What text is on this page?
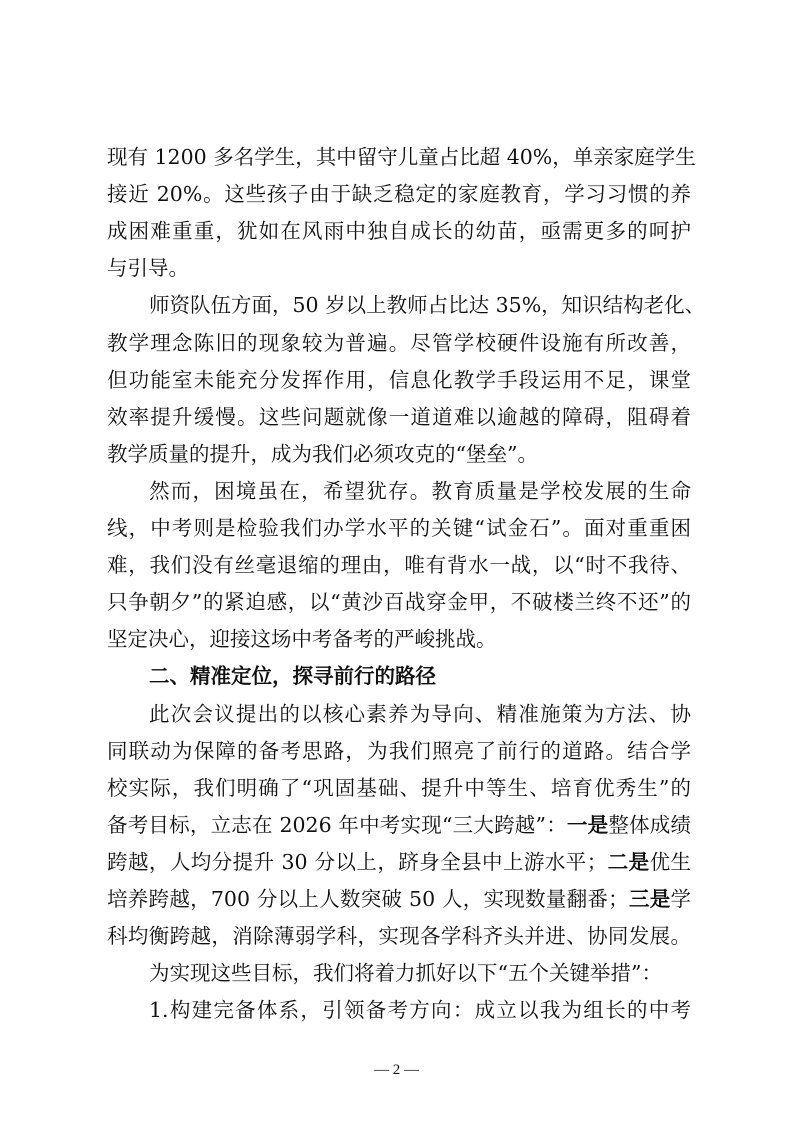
现有 1200 多名学生，其中留守儿童占比超 40%，单亲家庭学生
接近 20%。这些孩子由于缺乏稳定的家庭教育，学习习惯的养
成困难重重，犹如在风雨中独自成长的幼苗，亟需更多的呵护
与引导。
师资队伍方面，50 岁以上教师占比达 35%，知识结构老化、
教学理念陈旧的现象较为普遍。尽管学校硬件设施有所改善，
但功能室未能充分发挥作用，信息化教学手段运用不足，课堂
效率提升缓慢。这些问题就像一道道难以逾越的障碍，阻碍着
教学质量的提升，成为我们必须攻克的“堡垒”。
然而，困境虽在，希望犹存。教育质量是学校发展的生命
线，中考则是检验我们办学水平的关键“试金石”。面对重重困
难，我们没有丝毫退缩的理由，唯有背水一战，以“时不我待、
只争朝夕”的紧迫感，以“黄沙百战穿金甲，不破楼兰终不还”的
坚定决心，迎接这场中考备考的严峻挑战。
二、精准定位，探寻前行的路径
此次会议提出的以核心素养为导向、精准施策为方法、协
同联动为保障的备考思路，为我们照亮了前行的道路。结合学
校实际，我们明确了“巩固基础、提升中等生、培育优秀生”的
备考目标，立志在 2026 年中考实现“三大跨越”：一是整体成绩
跨越，人均分提升 30 分以上，跻身全县中上游水平；二是优生
培养跨越，700 分以上人数突破 50 人，实现数量翻番；三是学
科均衡跨越，消除薄弱学科，实现各学科齐头并进、协同发展。
为实现这些目标，我们将着力抓好以下“五个关键举措”：
1.构建完备体系，引领备考方向：成立以我为组长的中考
— 2 —
